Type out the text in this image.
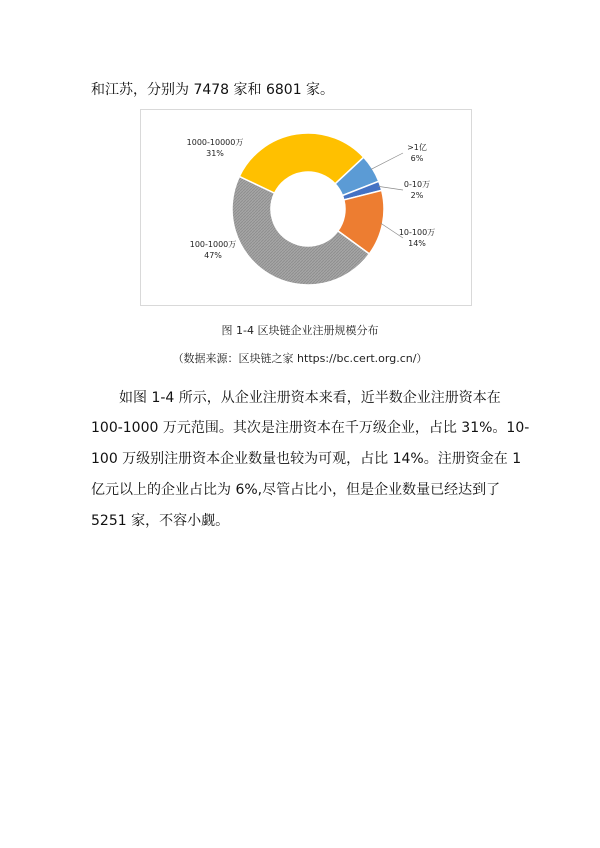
和江苏，分别为 7478 家和 6801 家。
>1亿
6%
0-10万
2%
10-100万
14%
100-1000万
47%
1000-10000万
31%
图 1-4 区块链企业注册规模分布
（数据来源：区块链之家 https://bc.cert.org.cn/）
如图 1-4 所示，从企业注册资本来看，近半数企业注册资本在
100-1000 万元范围。其次是注册资本在千万级企业，占比 31%。10-
100 万级别注册资本企业数量也较为可观，占比 14%。注册资金在 1
亿元以上的企业占比为 6%,尽管占比小，但是企业数量已经达到了
5251 家，不容小觑。
